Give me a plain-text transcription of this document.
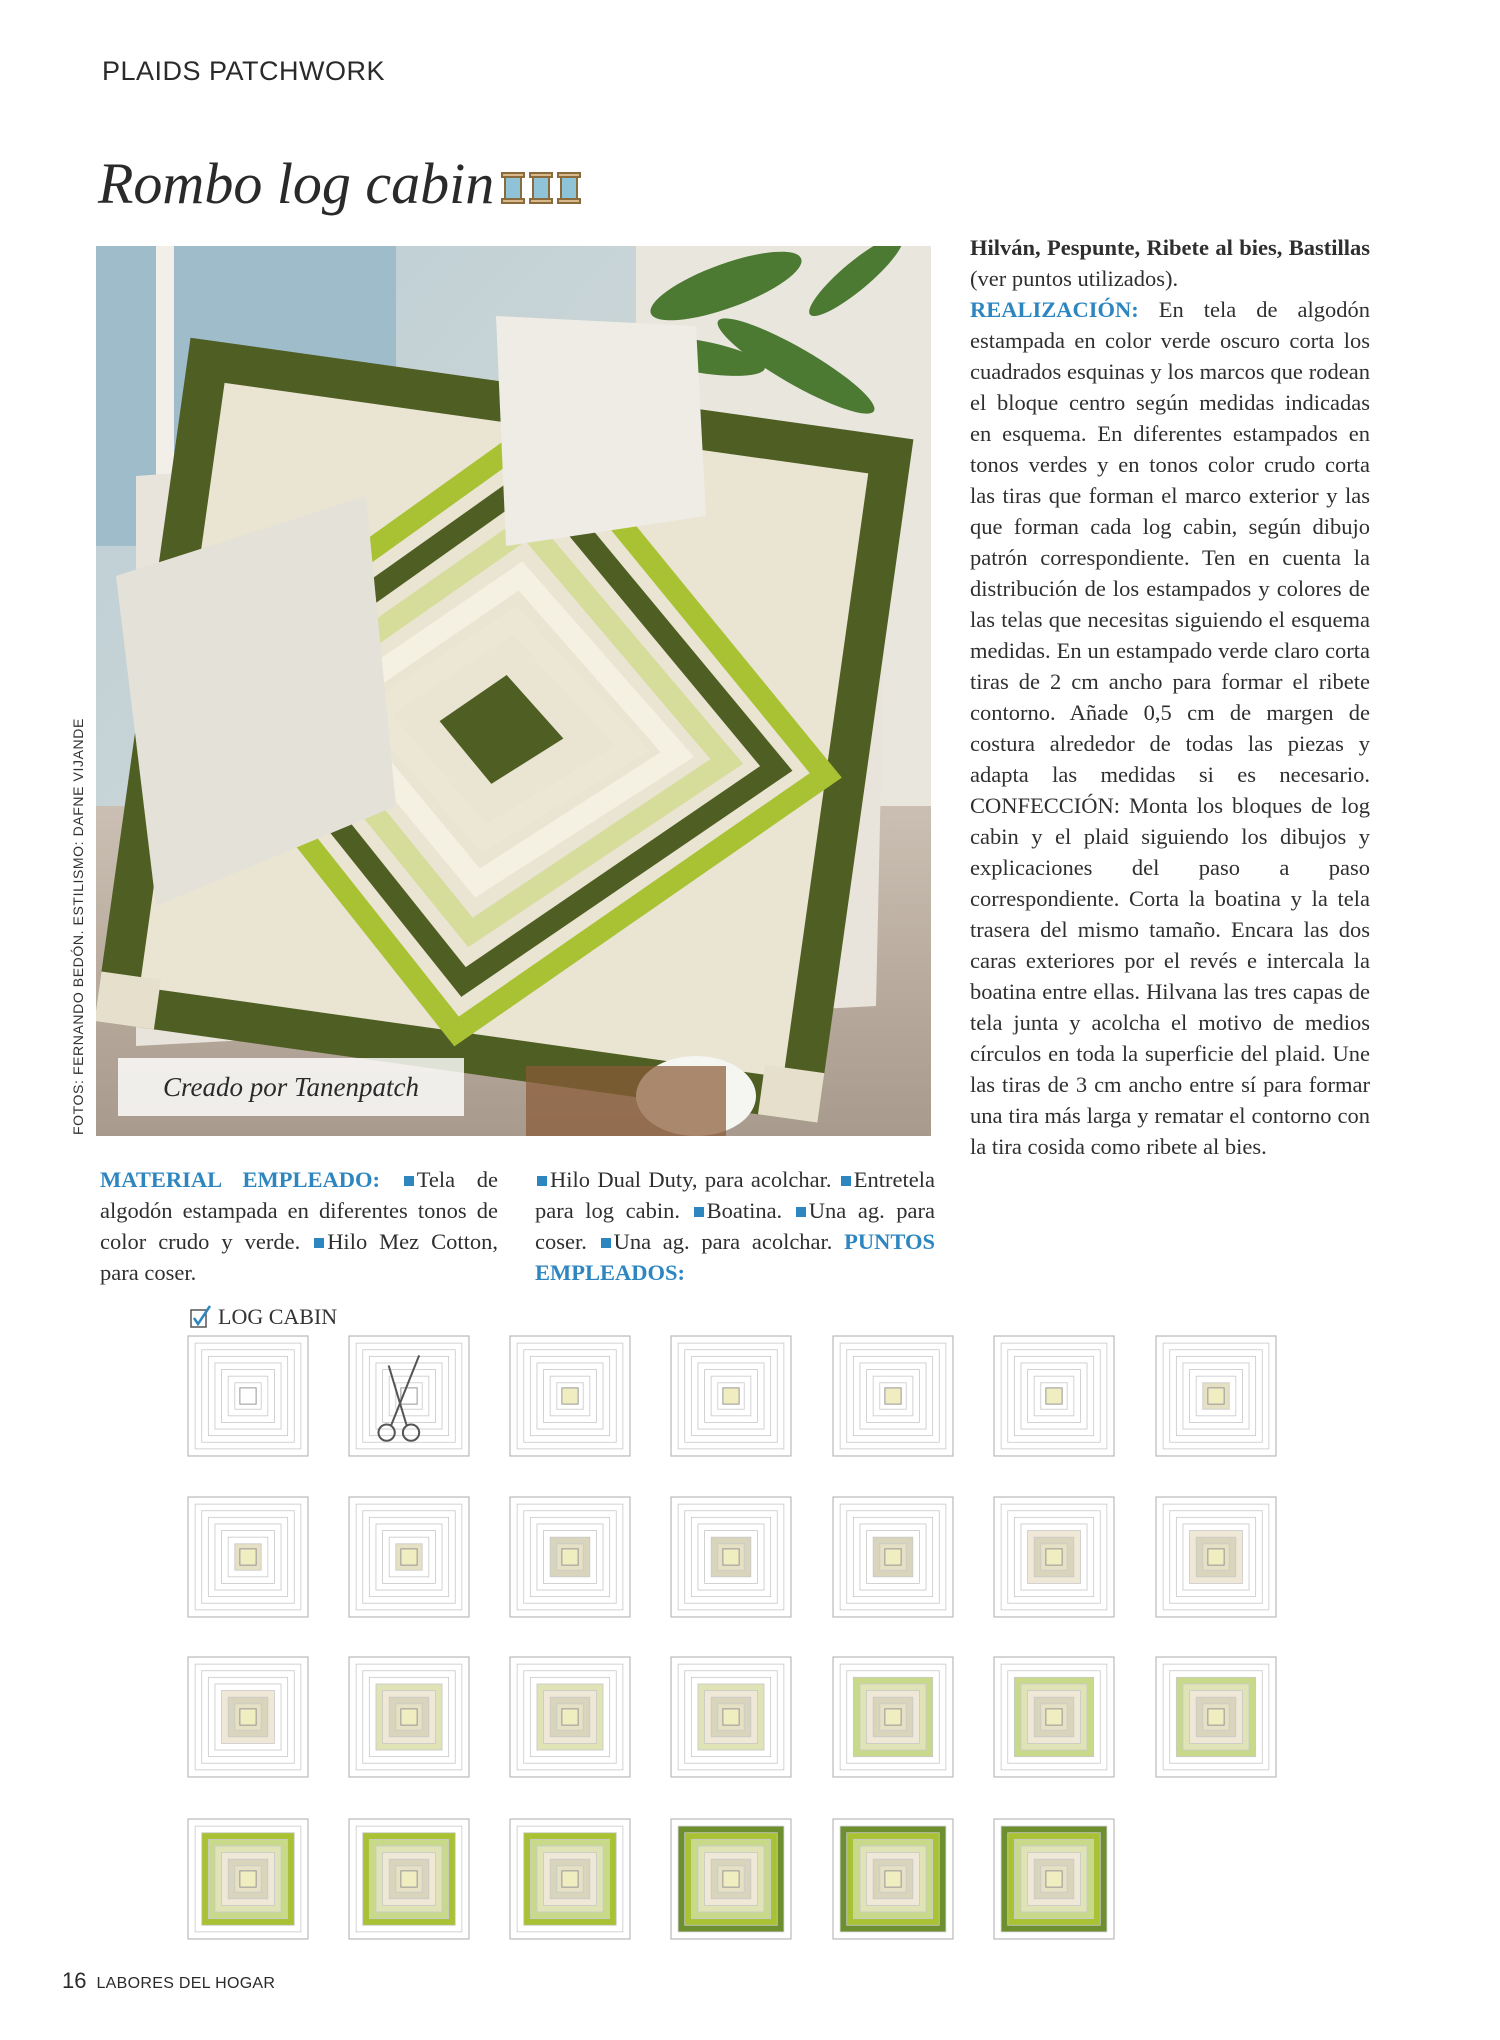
PLAIDS PATCHWORK
Rombo log cabin
Creado por Tanenpatch
FOTOS: FERNANDO BEDÓN. ESTILISMO: DAFNE VIJANDE

Hilván, Pespunte, Ribete al bies, Bastillas (ver puntos utilizados).

REALIZACIÓN: En tela de algodón estampada en color verde oscuro corta los cuadrados esquinas y los marcos que rodean el bloque centro según medidas indicadas en esquema. En diferentes estampados en tonos verdes y en tonos color crudo corta las tiras que forman el marco exterior y las que forman cada log cabin, según dibujo patrón correspondiente. Ten en cuenta la distribución de los estampados y colores de las telas que necesitas siguiendo el esquema medidas. En un estampado verde claro corta tiras de 2 cm ancho para formar el ribete contorno. Añade 0,5 cm de margen de costura alrededor de todas las piezas y adapta las medidas si es necesario. CONFECCIÓN: Monta los bloques de log cabin y el plaid siguiendo los dibujos y explicaciones del paso a paso correspondiente. Corta la boatina y la tela trasera del mismo tamaño. Encara las dos caras exteriores por el revés e intercala la boatina entre ellas. Hilvana las tres capas de tela junta y acolcha el motivo de medios círculos en toda la superficie del plaid. Une las tiras de 3 cm ancho entre sí para formar una tira más larga y rematar el contorno con la tira cosida como ribete al bies.

MATERIAL EMPLEADO: Tela de algodón estampada en diferentes tonos de color crudo y verde. Hilo Mez Cotton, para coser.

Hilo Dual Duty, para acolchar. Entretela para log cabin. Boatina. Una ag. para coser. Una ag. para acolchar. PUNTOS EMPLEADOS:

LOG CABIN
16 LABORES DEL HOGAR
